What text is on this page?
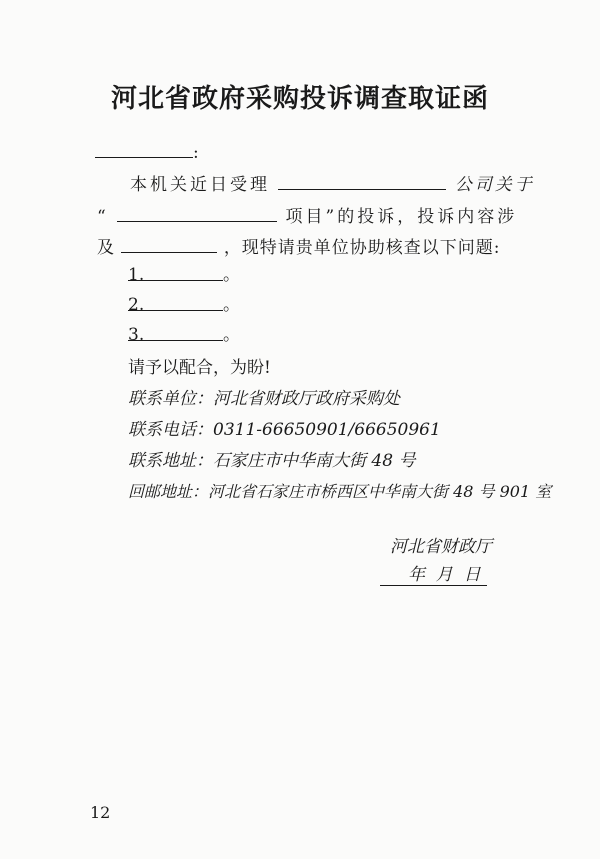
河北省政府采购投诉调查取证函
:
本机关近日受理	公司关于
“	项目”的投诉，投诉内容涉
及	，现特请贵单位协助核查以下问题:
1.	。
2.	。
3.	。
请予以配合，为盼!
联系单位：河北省财政厅政府采购处
联系电话：0311-66650901/66650961
联系地址：石家庄市中华南大街 48 号
回邮地址：河北省石家庄市桥西区中华南大街 48 号 901 室
河北省财政厅
年  月  日
12
